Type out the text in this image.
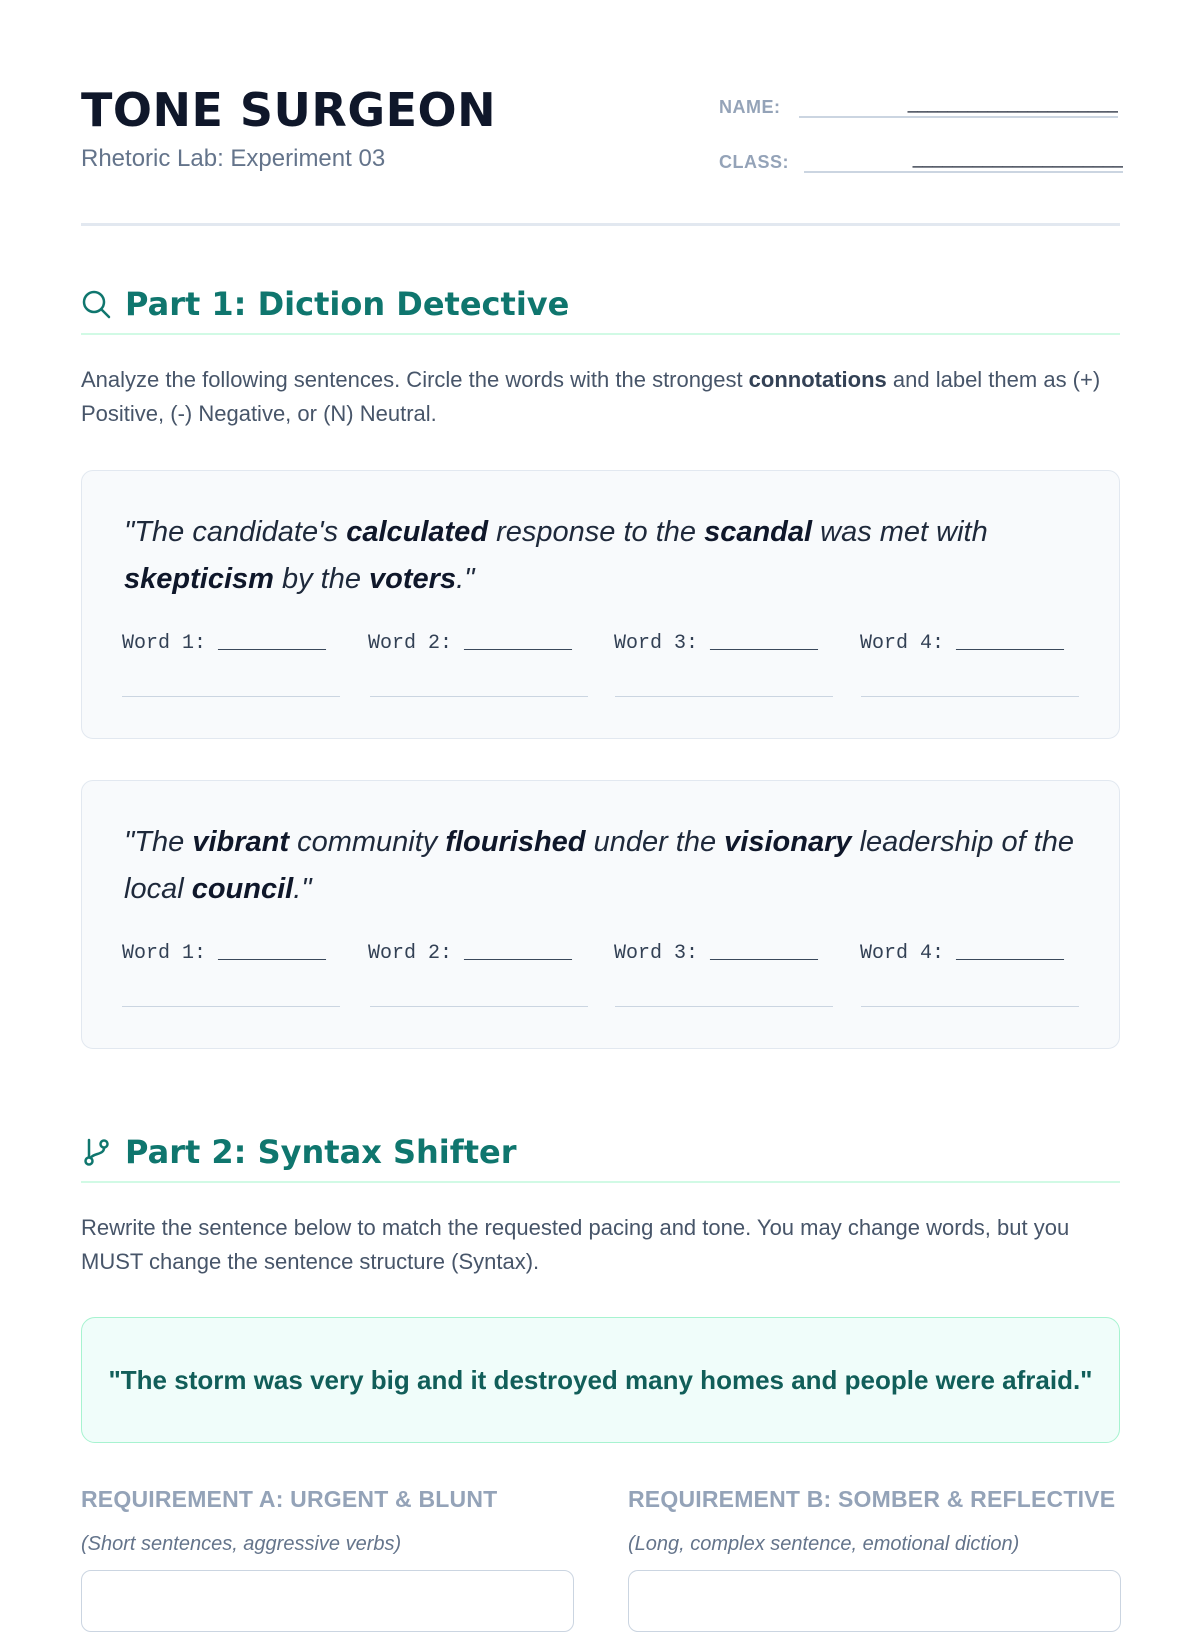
TONE SURGEON
Rhetoric Lab: Experiment 03
NAME:	_____________________
CLASS:	_____________________
Part 1: Diction Detective
Analyze the following sentences. Circle the words with the strongest connotations and label them as (+) Positive, (-) Negative, or (N) Neutral.
"The candidate's calculated response to the scandal was met with skepticism by the voters."
Word 1: _________ Word 2: _________ Word 3: _________ Word 4: _________
"The vibrant community flourished under the visionary leadership of the local council."
Word 1: _________ Word 2: _________ Word 3: _________ Word 4: _________
Part 2: Syntax Shifter
Rewrite the sentence below to match the requested pacing and tone. You may change words, but you MUST change the sentence structure (Syntax).
"The storm was very big and it destroyed many homes and people were afraid."
REQUIREMENT A: URGENT & BLUNT
(Short sentences, aggressive verbs)
REQUIREMENT B: SOMBER & REFLECTIVE
(Long, complex sentence, emotional diction)
